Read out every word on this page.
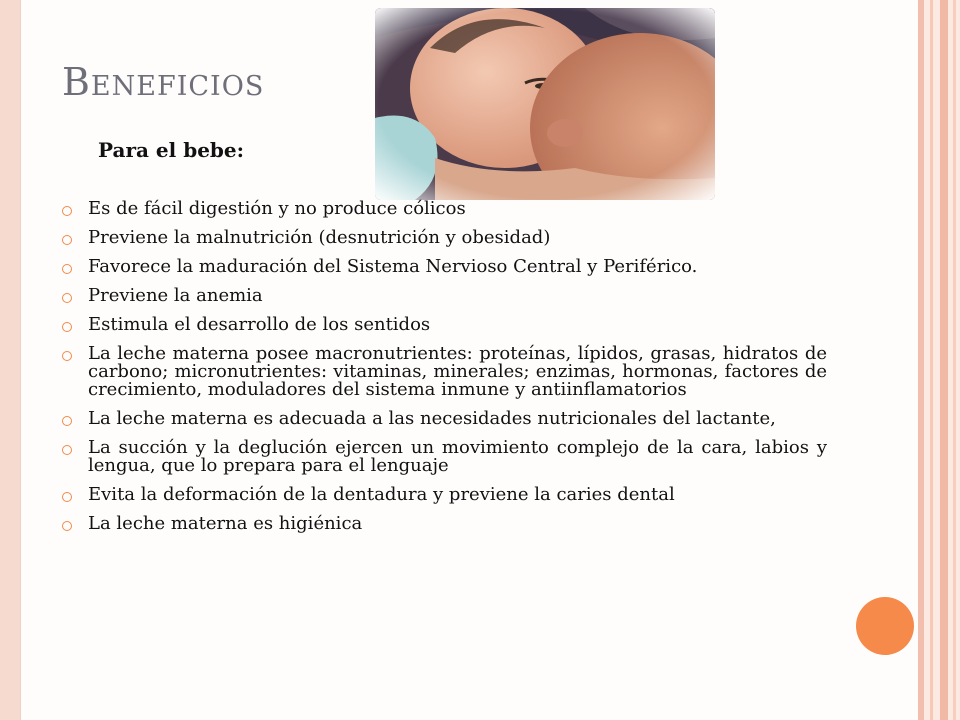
Beneficios
Para el bebe:
Es de fácil digestión y no produce cólicos
Previene la malnutrición (desnutrición y obesidad)
Favorece la maduración del Sistema Nervioso Central y Periférico.
Previene la anemia
Estimula el desarrollo de los sentidos
La leche materna posee macronutrientes: proteínas, lípidos, grasas, hidratos de carbono; micronutrientes: vitaminas, minerales; enzimas, hormonas, factores de crecimiento, moduladores del sistema inmune y antiinflamatorios
La leche materna es adecuada a las necesidades nutricionales del lactante,
La succión y la deglución ejercen un movimiento complejo de la cara, labios y lengua, que lo prepara para el lenguaje
Evita la deformación de la dentadura y previene la caries dental
La leche materna es higiénica
